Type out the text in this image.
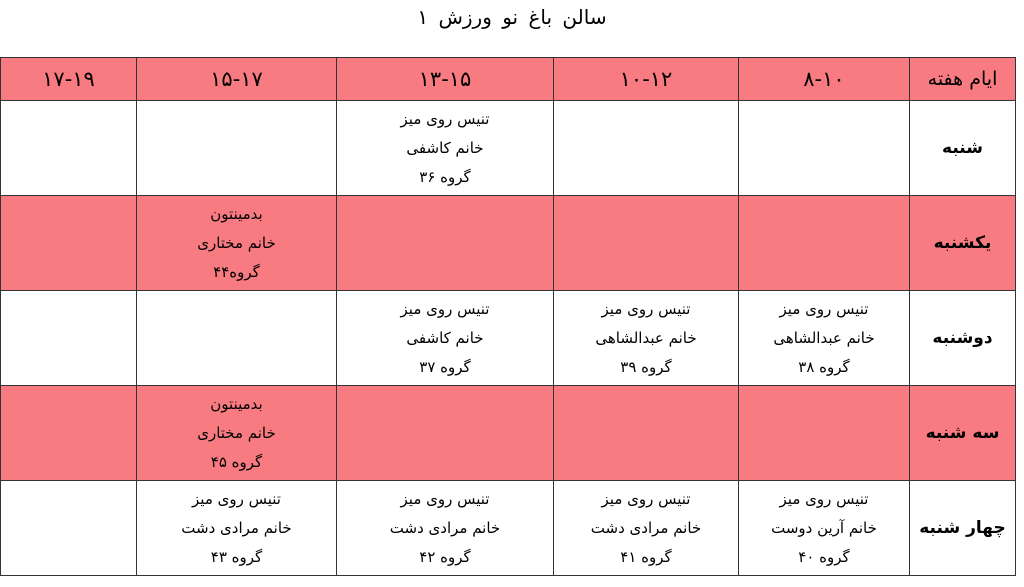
سالن باغ نو ورزش ۱
ایام هفته	۸-۱۰	۱۰-۱۲	۱۳-۱۵	۱۵-۱۷	۱۷-۱۹
شنبه			تنیس روی میز
خانم کاشفی
گروه ۳۶		

یکشنبه				بدمینتون
خانم مختاری
گروه۴۴	

دوشنبه	تنیس روی میز
خانم عبدالشاهی
گروه ۳۸	تنیس روی میز
خانم عبدالشاهی
گروه ۳۹	تنیس روی میز
خانم کاشفی
گروه ۳۷		

سه شنبه				بدمینتون
خانم مختاری
گروه ۴۵	

چهار شنبه	تنیس روی میز
خانم آرین دوست
گروه ۴۰	تنیس روی میز
خانم مرادی دشت
گروه ۴۱	تنیس روی میز
خانم مرادی دشت
گروه ۴۲	تنیس روی میز
خانم مرادی دشت
گروه ۴۳	
